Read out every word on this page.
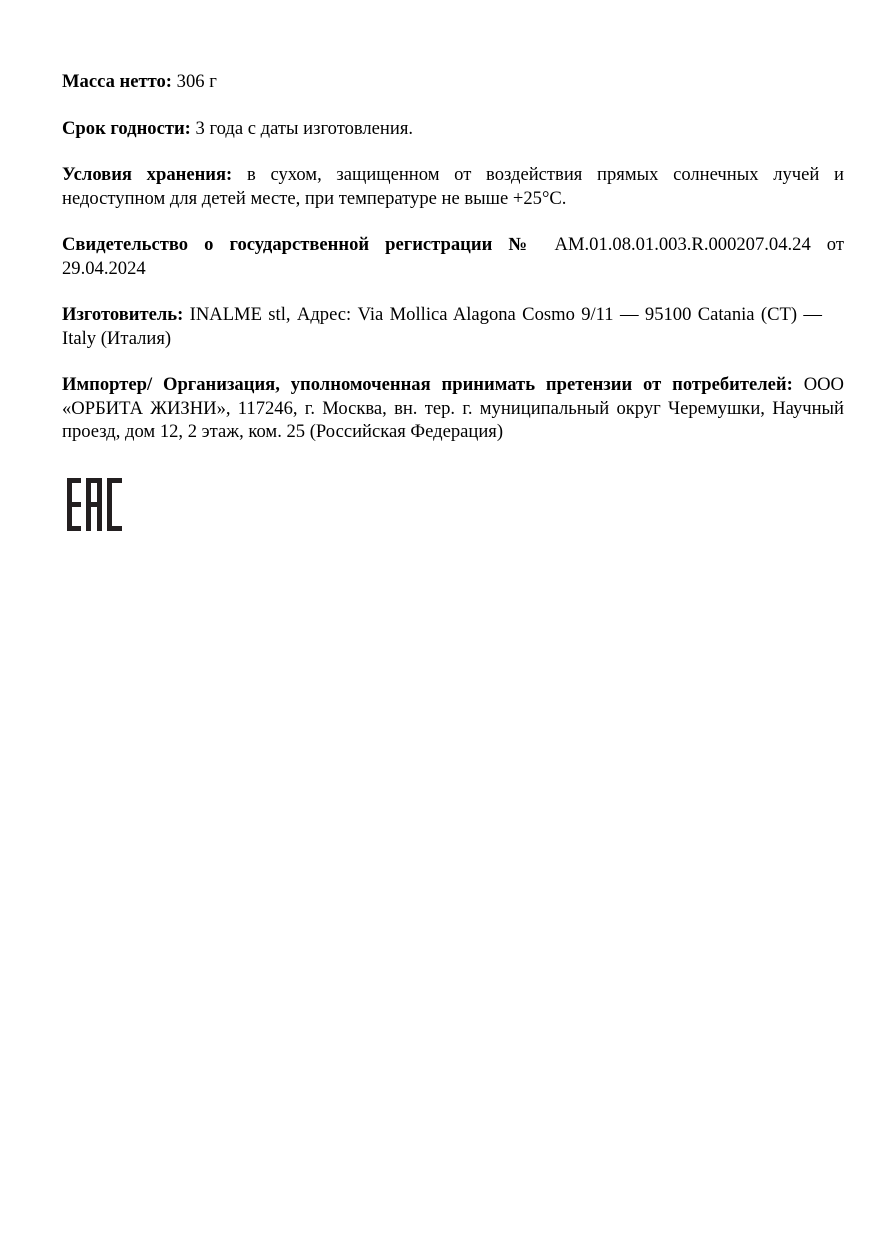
Масса нетто: 306 г

Срок годности: 3 года с даты изготовления.

Условия хранения: в сухом, защищенном от воздействия прямых солнечных лучей и недоступном для детей месте, при температуре не выше +25°C.

Свидетельство о государственной регистрации № AM.01.08.01.003.R.000207.04.24 от 29.04.2024

Изготовитель: INALME stl, Адрес: Via Mollica Alagona Cosmo 9/11 — 95100 Catania (CT) —Italy (Италия)

Импортер/ Организация, уполномоченная принимать претензии от потребителей: ООО «ОРБИТА ЖИЗНИ», 117246, г. Москва, вн. тер. г. муниципальный округ Черемушки, Научный проезд, дом 12, 2 этаж, ком. 25 (Российская Федерация)
